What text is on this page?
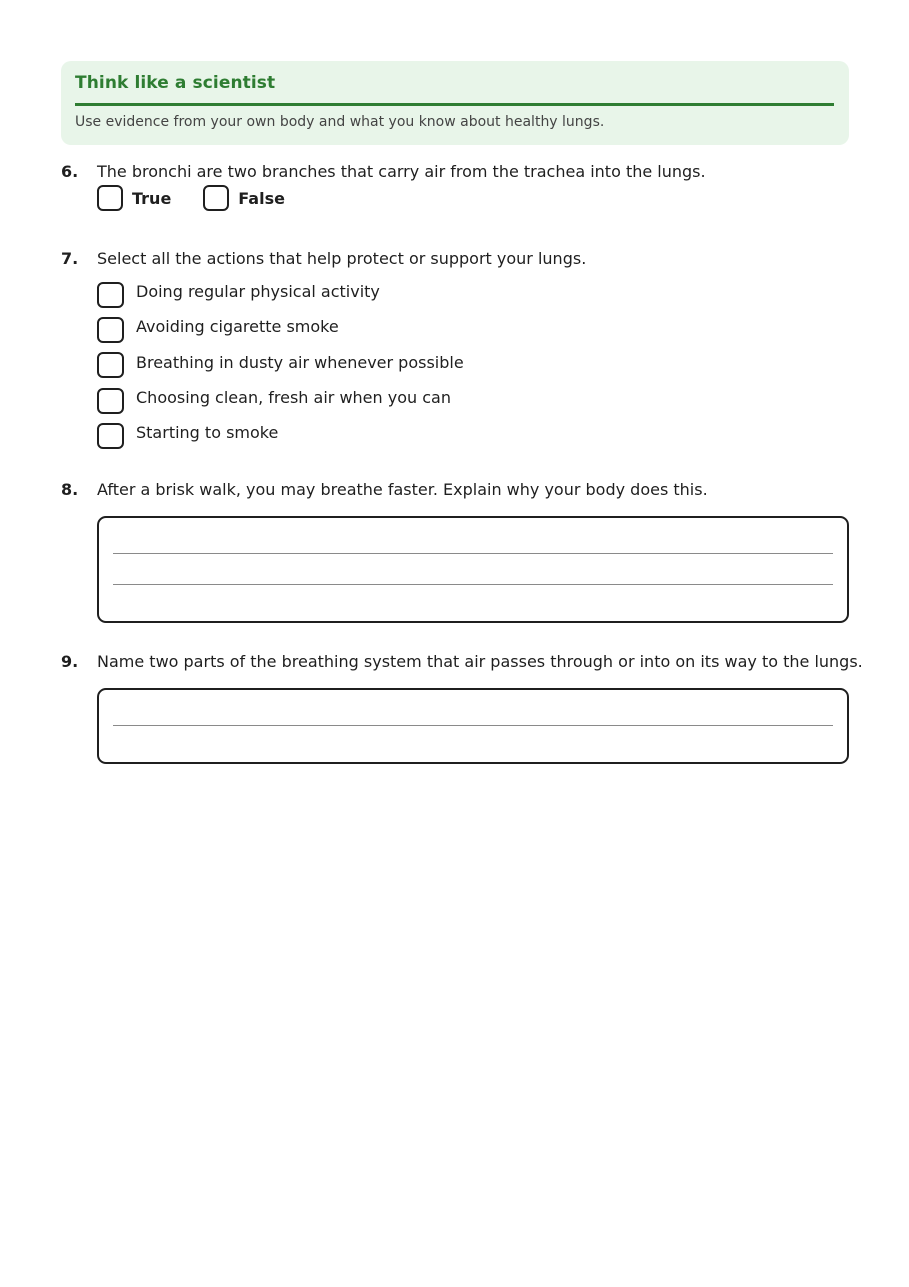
Think like a scientist
Use evidence from your own body and what you know about healthy lungs.
6. The bronchi are two branches that carry air from the trachea into the lungs.
True	False
7. Select all the actions that help protect or support your lungs.
Doing regular physical activity
Avoiding cigarette smoke
Breathing in dusty air whenever possible
Choosing clean, fresh air when you can
Starting to smoke
8. After a brisk walk, you may breathe faster. Explain why your body does this.
9. Name two parts of the breathing system that air passes through or into on its way to the lungs.
